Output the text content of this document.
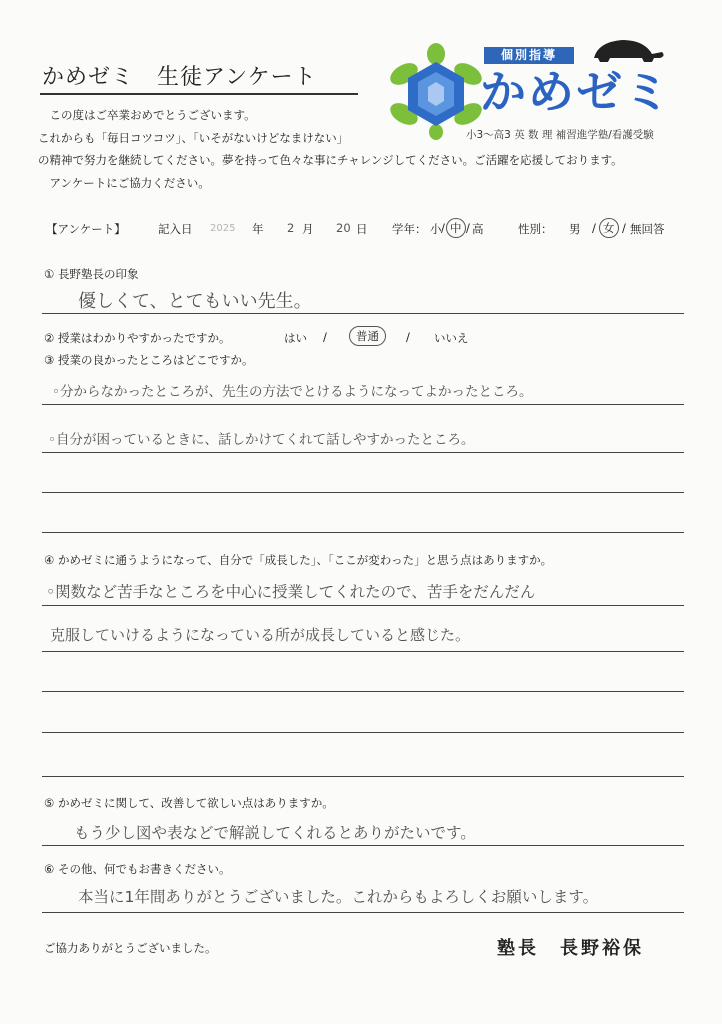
かめゼミ　生徒アンケート
　この度はご卒業おめでとうございます。
これからも「毎日コツコツ」、「いそがないけどなまけない」
の精神で努力を継続してください。夢を持って色々な事にチャレンジしてください。ご活躍を応援しております。
　アンケートにご協力ください。
個別指導
かめゼミ
小3～高3 英 数 理 補習進学塾/看護受験
【アンケート】	記入日 2025 年 2 月 20 日 学年： 小 / 中 / 高	性別： 男 / 女 / 無回答
① 長野塾長の印象
優しくて、とてもいい先生。
② 授業はわかりやすかったですか。	はい /	普通	/ いいえ
③ 授業の良かったところはどこですか。
◦分からなかったところが、先生の方法でとけるようになってよかったところ。
◦自分が困っているときに、話しかけてくれて話しやすかったところ。
④ かめゼミに通うようになって、自分で「成長した」、「ここが変わった」と思う点はありますか。
◦関数など苦手なところを中心に授業してくれたので、苦手をだんだん
克服していけるようになっている所が成長していると感じた。
⑤ かめゼミに関して、改善して欲しい点はありますか。
もう少し図や表などで解説してくれるとありがたいです。
⑥ その他、何でもお書きください。
本当に1年間ありがとうございました。これからもよろしくお願いします。
ご協力ありがとうございました。	塾長　長野裕保
